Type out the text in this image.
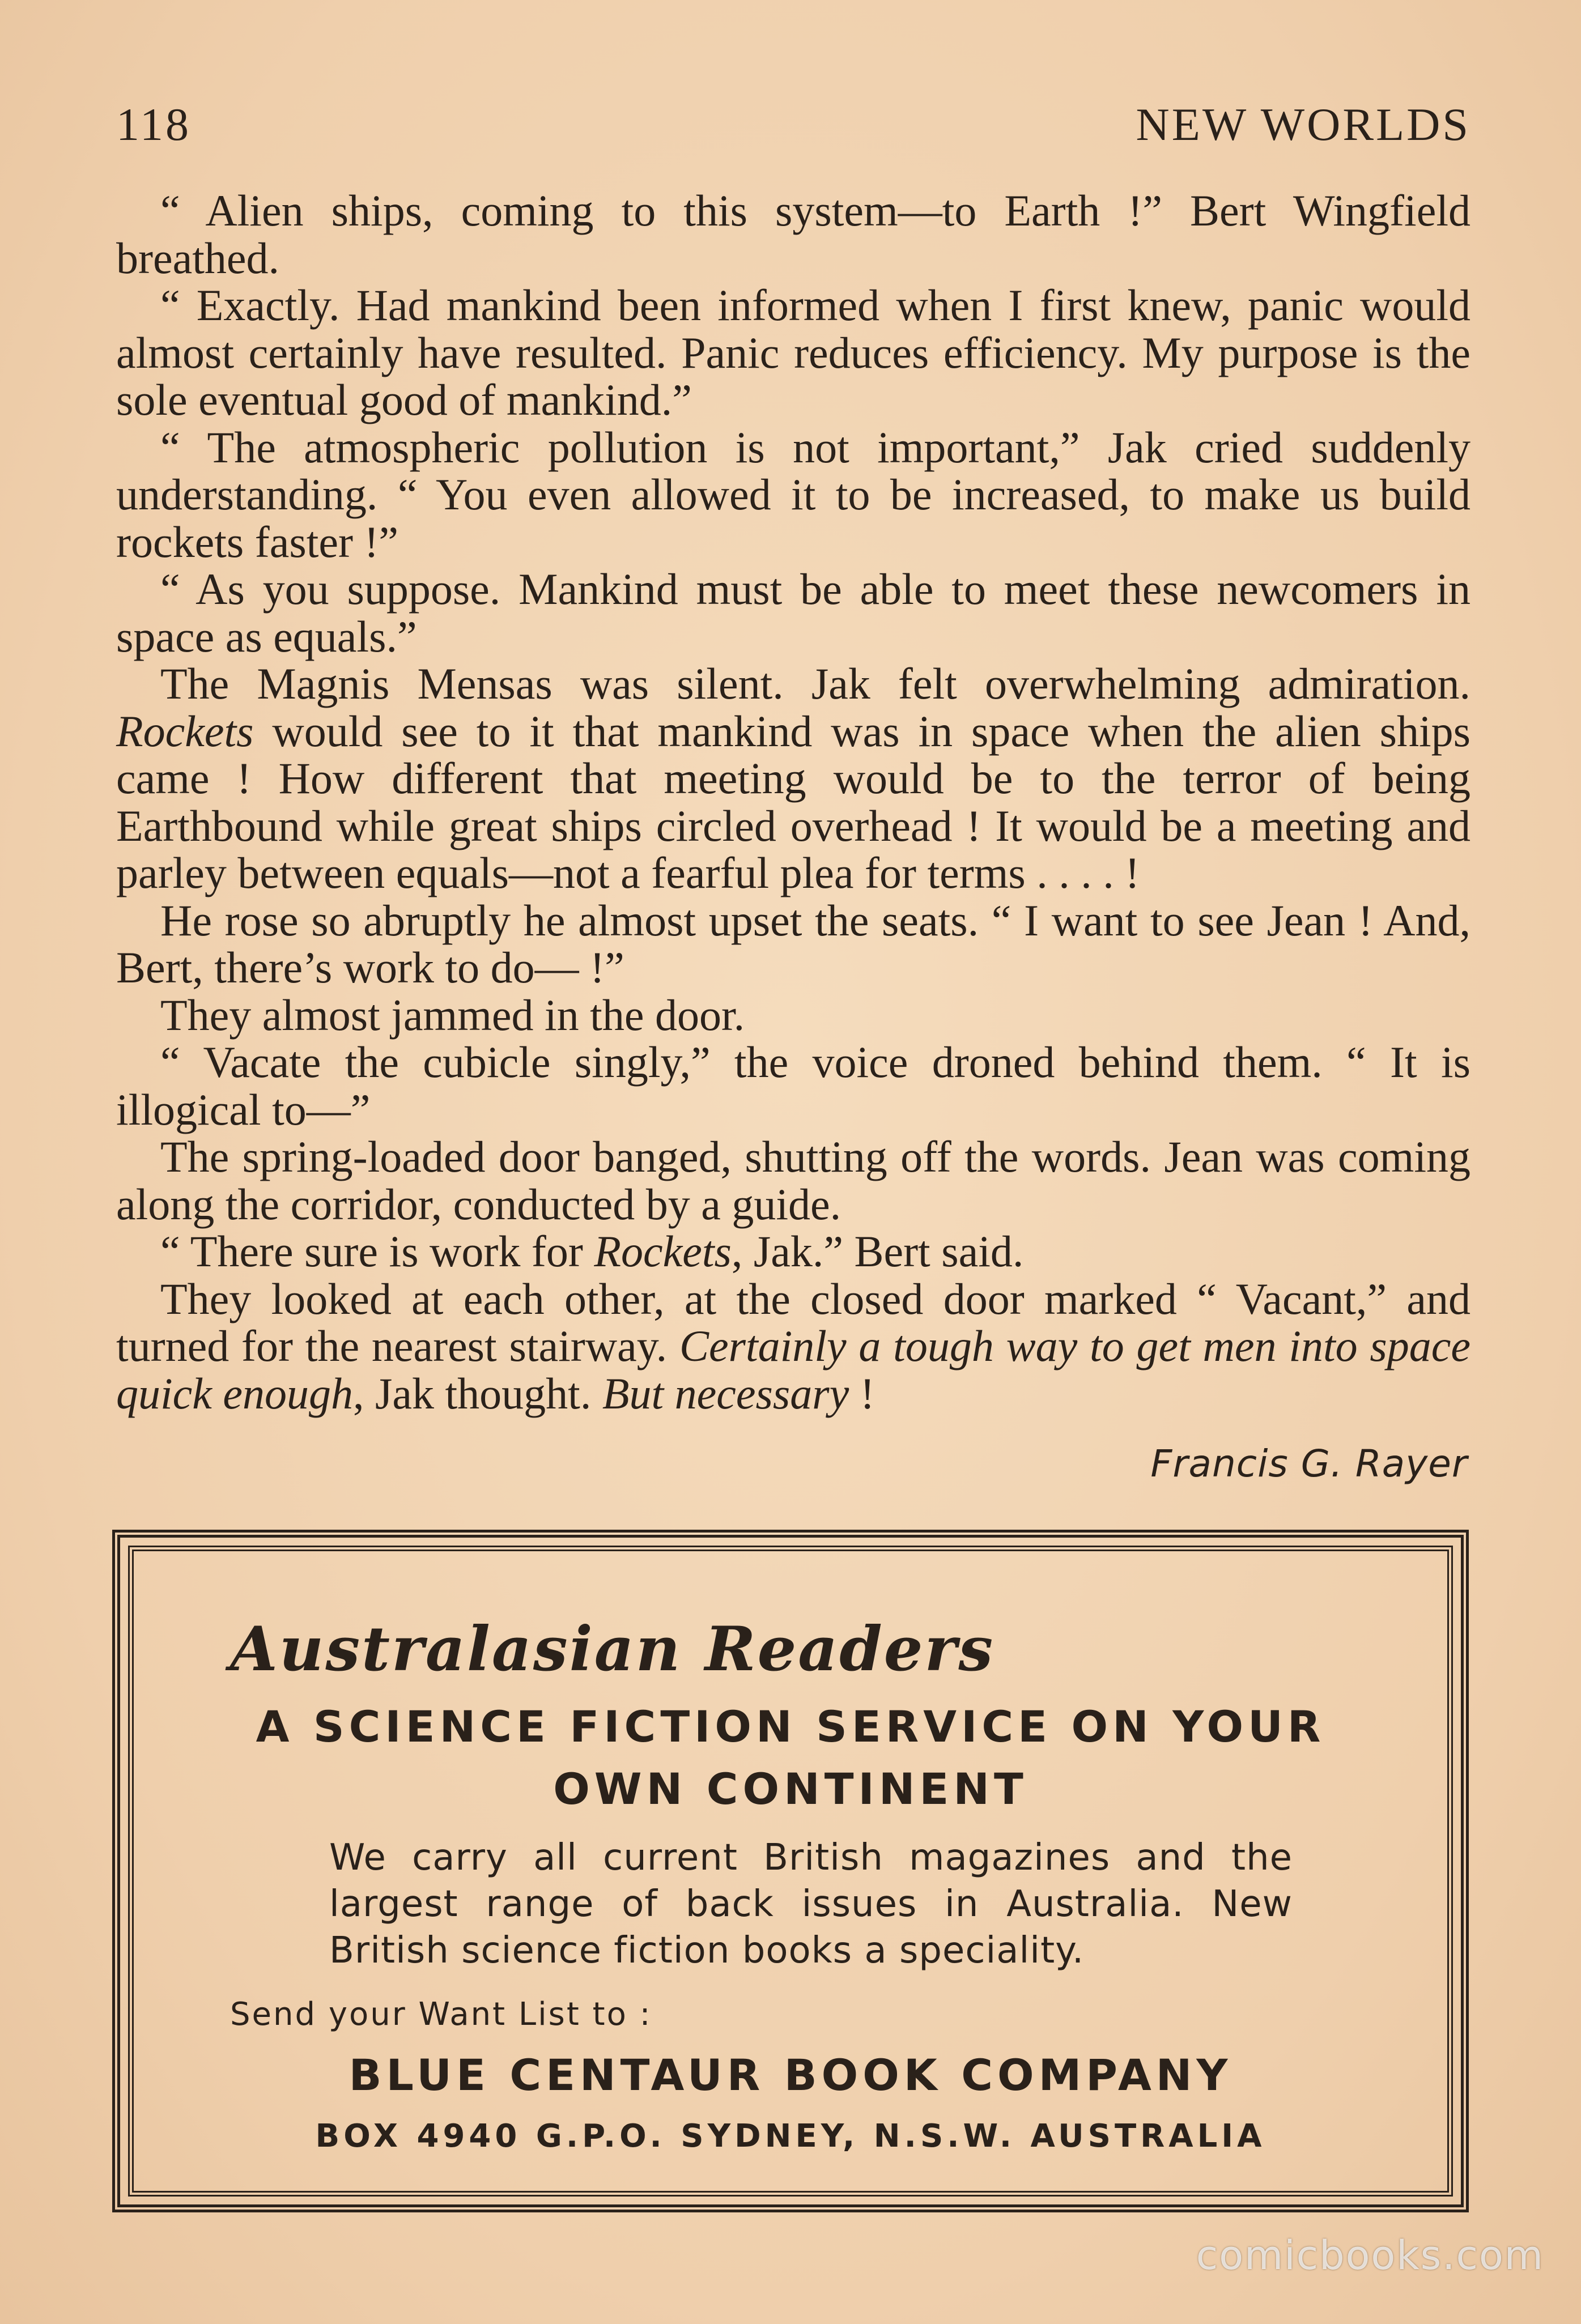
118	NEW WORLDS

“ Alien ships, coming to this system—to Earth !” Bert Wingfield breathed.

“ Exactly. Had mankind been informed when I first knew, panic would almost certainly have resulted. Panic reduces efficiency. My purpose is the sole eventual good of mankind.”

“ The atmospheric pollution is not important,” Jak cried suddenly understanding. “ You even allowed it to be increased, to make us build rockets faster !”

“ As you suppose. Mankind must be able to meet these newcomers in space as equals.”

The Magnis Mensas was silent. Jak felt overwhelming admiration. Rockets would see to it that mankind was in space when the alien ships came ! How different that meeting would be to the terror of being Earthbound while great ships circled overhead ! It would be a meeting and parley between equals—not a fearful plea for terms . . . . !

He rose so abruptly he almost upset the seats. “ I want to see Jean ! And, Bert, there’s work to do— !”

They almost jammed in the door.

“ Vacate the cubicle singly,” the voice droned behind them. “ It is illogical to—”

The spring-loaded door banged, shutting off the words. Jean was coming along the corridor, conducted by a guide.

“ There sure is work for Rockets, Jak.” Bert said.

They looked at each other, at the closed door marked “ Vacant,” and turned for the nearest stairway. Certainly a tough way to get men into space quick enough, Jak thought. But necessary !

Francis G. Rayer
Australasian Readers
A SCIENCE FICTION SERVICE ON YOUR
OWN CONTINENT
We carry all current British magazines and the largest range of back issues in Australia. New British science fiction books a speciality.
Send your Want List to :
BLUE CENTAUR BOOK COMPANY
BOX 4940 G.P.O. SYDNEY, N.S.W. AUSTRALIA
comicbooks.com
